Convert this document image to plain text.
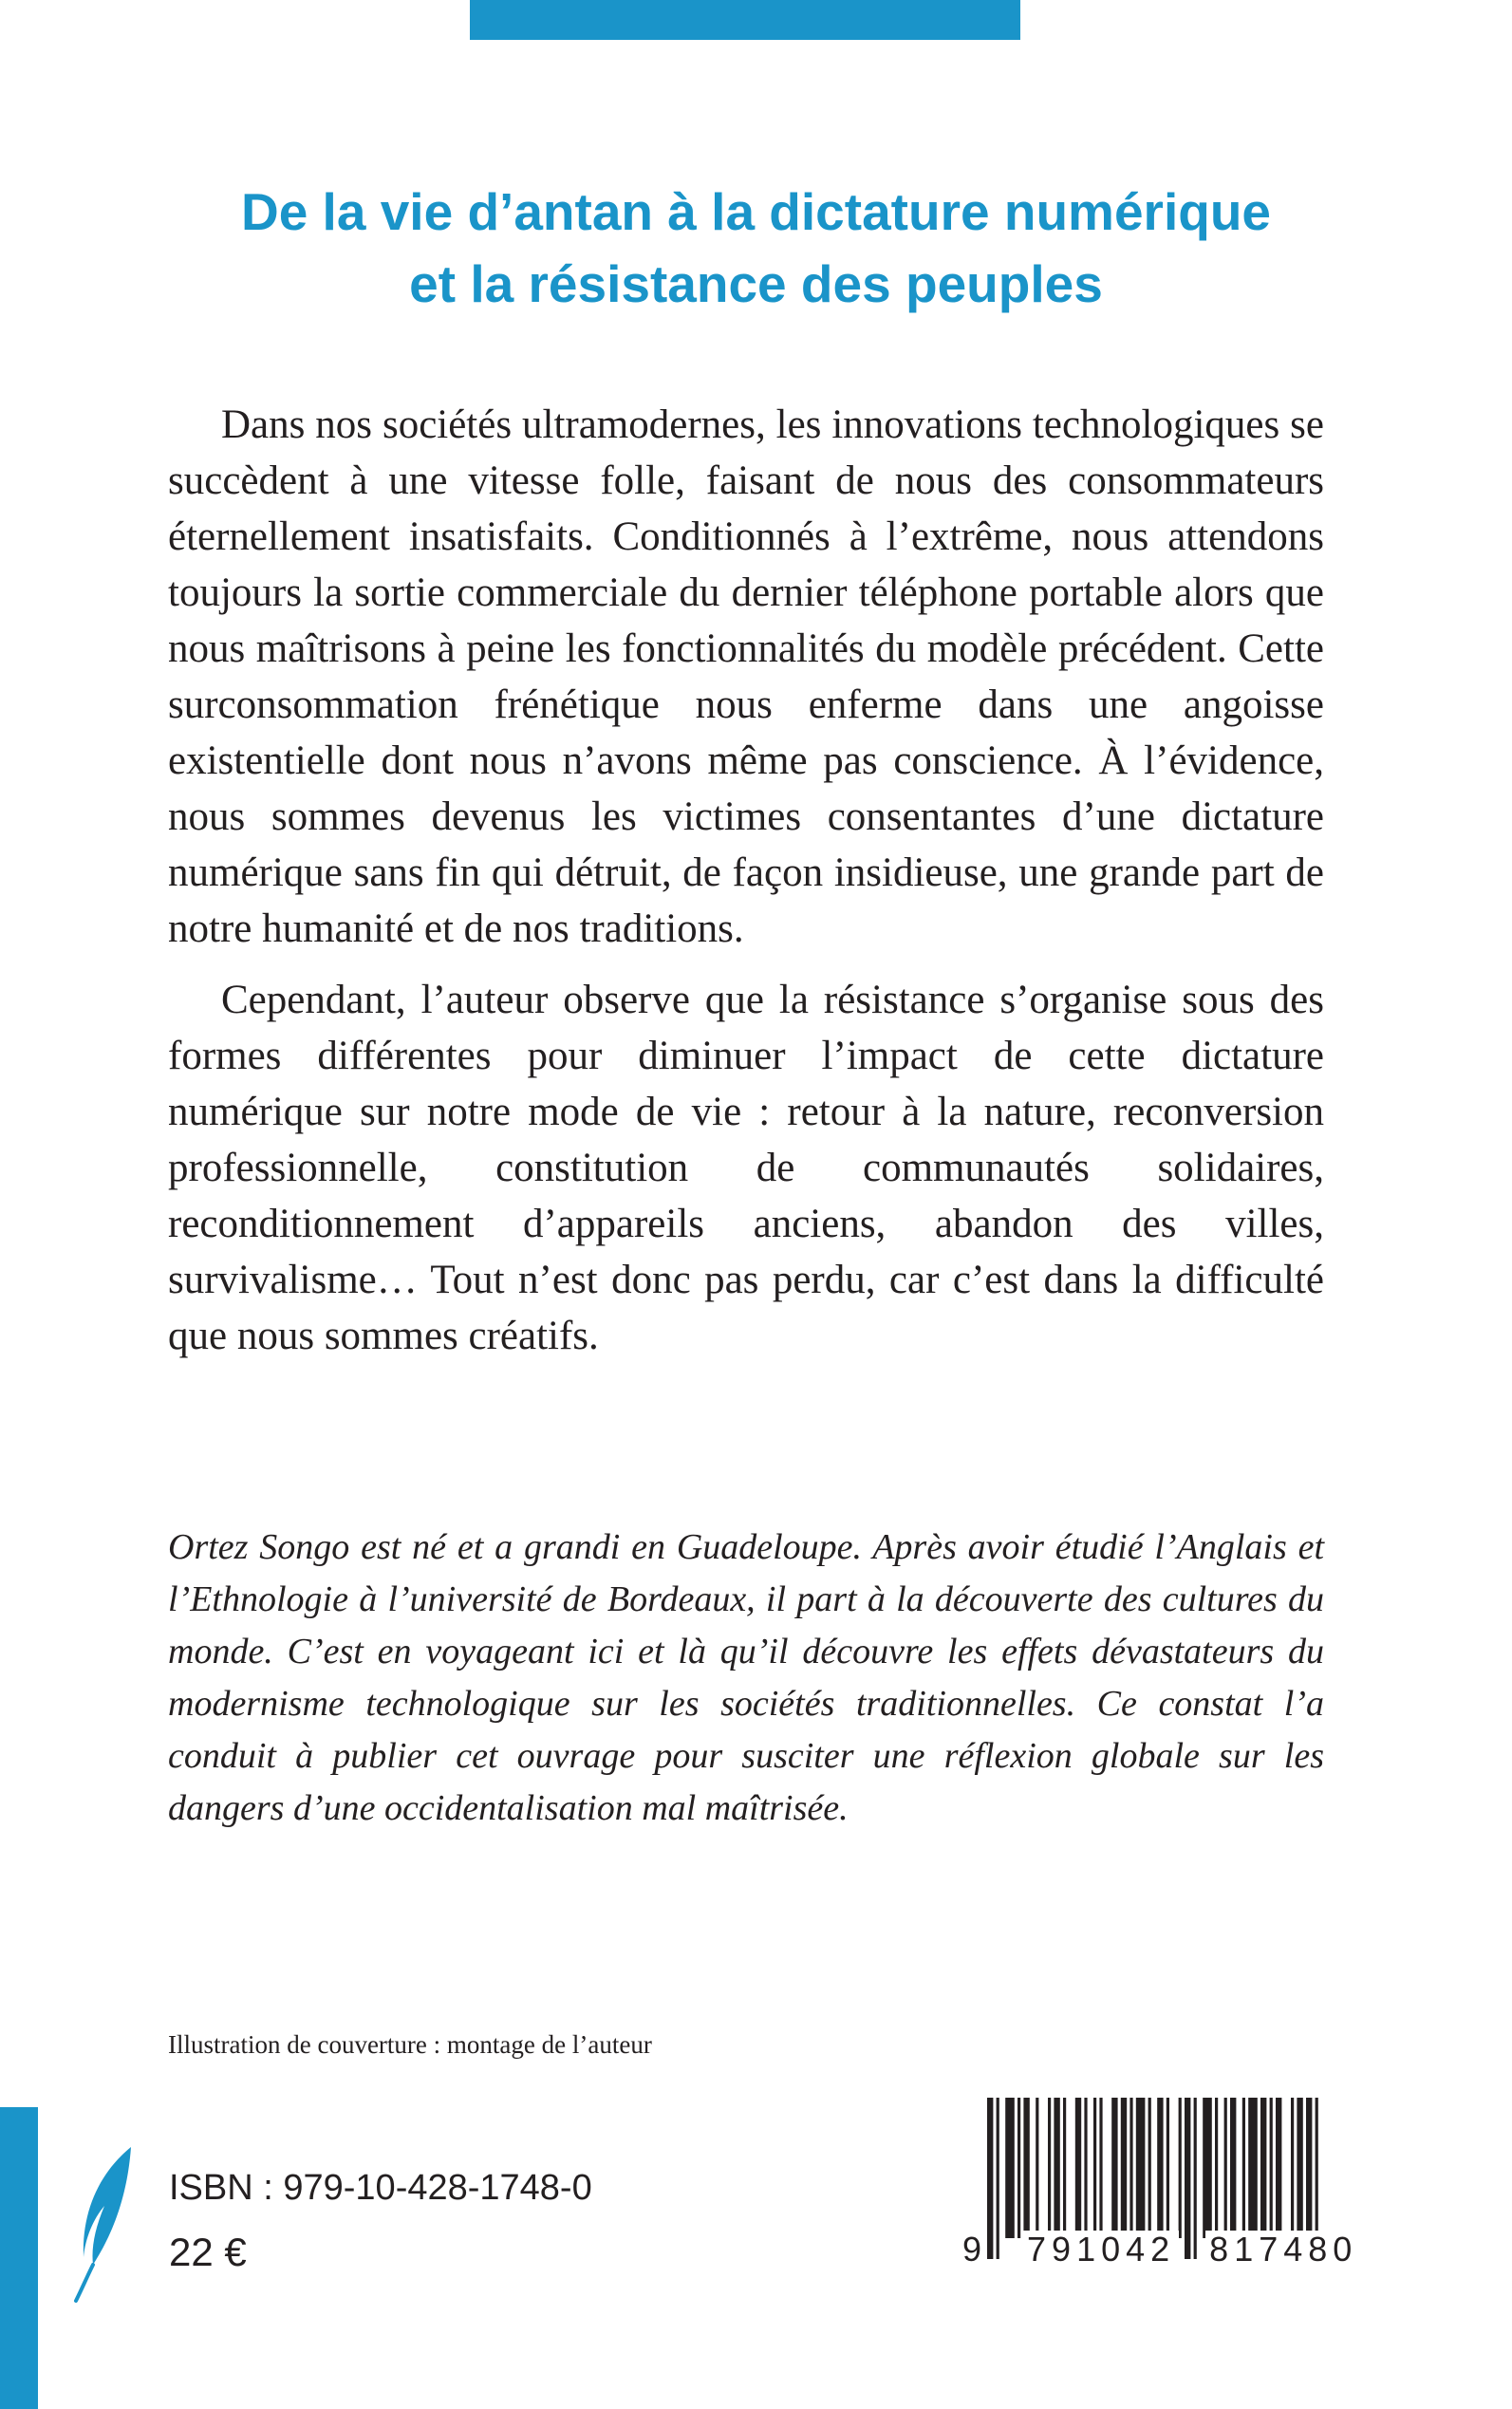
De la vie d’antan à la dictature numérique
et la résistance des peuples

Dans nos sociétés ultramodernes, les innovations technologiques se succèdent à une vitesse folle, faisant de nous des consommateurs éternellement insatisfaits. Conditionnés à l’extrême, nous attendons toujours la sortie commerciale du dernier téléphone portable alors que nous maîtrisons à peine les fonctionnalités du modèle précédent. Cette surconsommation frénétique nous enferme dans une angoisse existentielle dont nous n’avons même pas conscience. À l’évidence, nous sommes devenus les victimes consentantes d’une dictature numérique sans fin qui détruit, de façon insidieuse, une grande part de notre humanité et de nos traditions.

Cependant, l’auteur observe que la résistance s’organise sous des formes différentes pour diminuer l’impact de cette dictature numérique sur notre mode de vie : retour à la nature, reconversion professionnelle, constitution de communautés solidaires, reconditionnement d’appareils anciens, abandon des villes, survivalisme… Tout n’est donc pas perdu, car c’est dans la difficulté que nous sommes créatifs.

Ortez Songo est né et a grandi en Guadeloupe. Après avoir étudié l’Anglais et l’Ethnologie à l’université de Bordeaux, il part à la découverte des cultures du monde. C’est en voyageant ici et là qu’il découvre les effets dévastateurs du modernisme technologique sur les sociétés traditionnelles. Ce constat l’a conduit à publier cet ouvrage pour susciter une réflexion globale sur les dangers d’une occidentalisation mal maîtrisée.
Illustration de couverture : montage de l’auteur
ISBN : 979-10-428-1748-0
22 €	9 791042 817480
